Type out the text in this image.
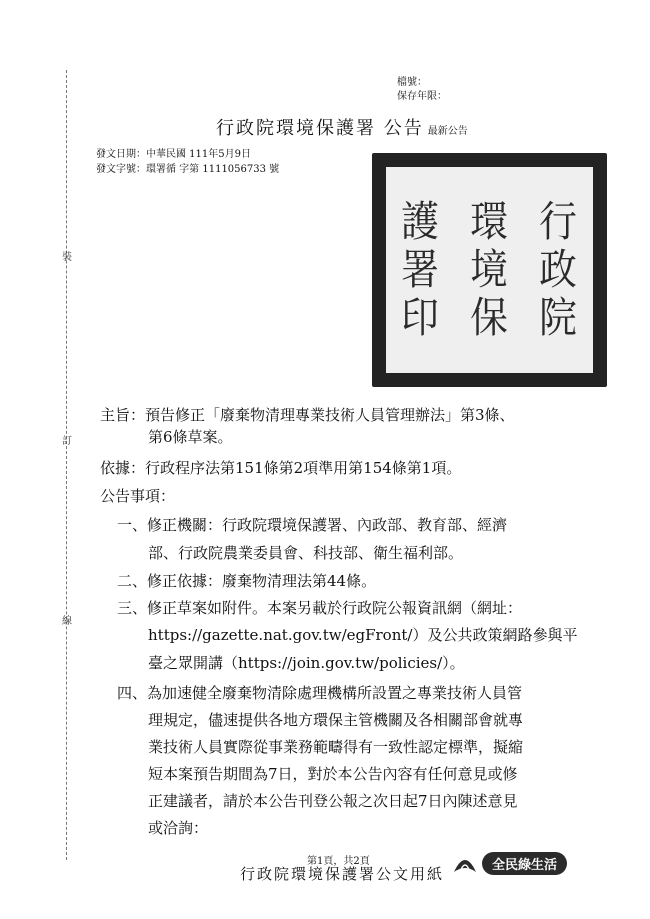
裝
訂
線
檔號：
保存年限：
行政院環境保護署 公告 最新公告
發文日期：中華民國 111年5月9日
發文字號：環署循 字第 1111056733 號
行
政
院
環
境
保
護
署
印
主旨：預告修正「廢棄物清理專業技術人員管理辦法」第3條、
第6條草案。
依據：行政程序法第151條第2項準用第154條第1項。
公告事項：
一、修正機關：行政院環境保護署、內政部、教育部、經濟
部、行政院農業委員會、科技部、衛生福利部。
二、修正依據：廢棄物清理法第44條。
三、修正草案如附件。本案另載於行政院公報資訊網（網址：
https://gazette.nat.gov.tw/egFront/）及公共政策網路參與平
臺之眾開講（https://join.gov.tw/policies/）。
四、為加速健全廢棄物清除處理機構所設置之專業技術人員管
理規定，儘速提供各地方環保主管機關及各相關部會就專
業技術人員實際從事業務範疇得有一致性認定標準，擬縮
短本案預告期間為7日，對於本公告內容有任何意見或修
正建議者，請於本公告刊登公報之次日起7日內陳述意見
或洽詢：
第1頁，共2頁
行政院環境保護署公文用紙	全民綠生活
